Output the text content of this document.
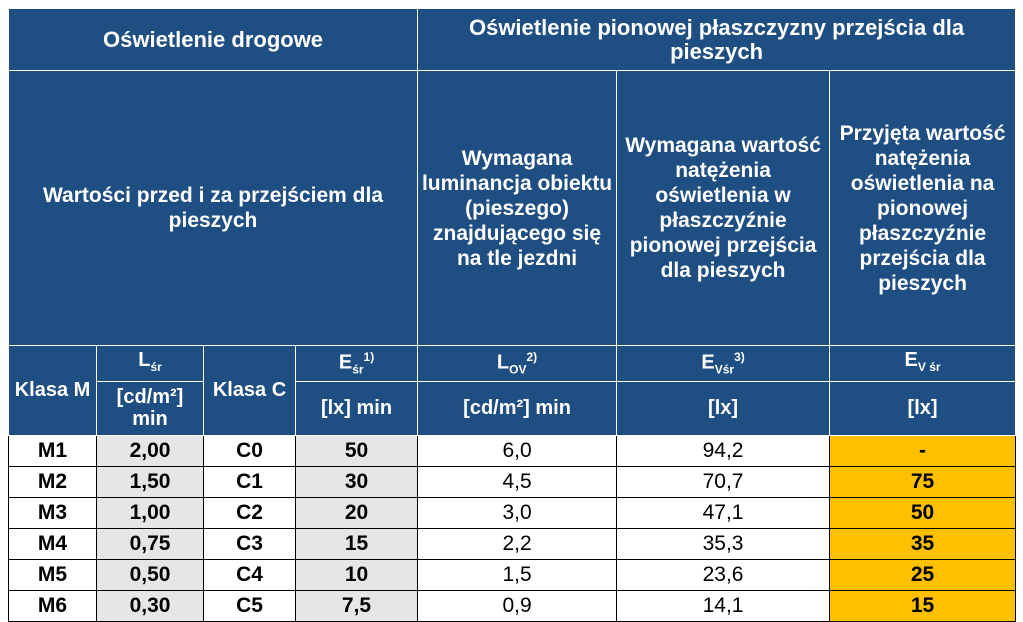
Oświetlenie drogowe				Oświetlenie pionowej płaszczyzny przejścia dla pieszych		
Wartości przed i za przejściem dla pieszych				Wymagana luminancja obiektu (pieszego) znajdującego się na tle jezdni	Wymagana wartość natężenia oświetlenia w płaszczyźnie pionowej przejścia dla pieszych	Przyjęta wartość natężenia oświetlenia na pionowej płaszczyźnie przejścia dla pieszych
Klasa M	$L_{śr}$	Klasa C	$E_{śr}^{1)}$	$L_{OV}^{2)}$	$E_{Vśr}^{3)}$	$E_{V śr}$
	[cd/m²] min		[lx] min	[cd/m²] min	[lx]	[lx]
M1	2,00	C0	50	6,0	94,2	-
M2	1,50	C1	30	4,5	70,7	75
M3	1,00	C2	20	3,0	47,1	50
M4	0,75	C3	15	2,2	35,3	35
M5	0,50	C4	10	1,5	23,6	25
M6	0,30	C5	7,5	0,9	14,1	15
